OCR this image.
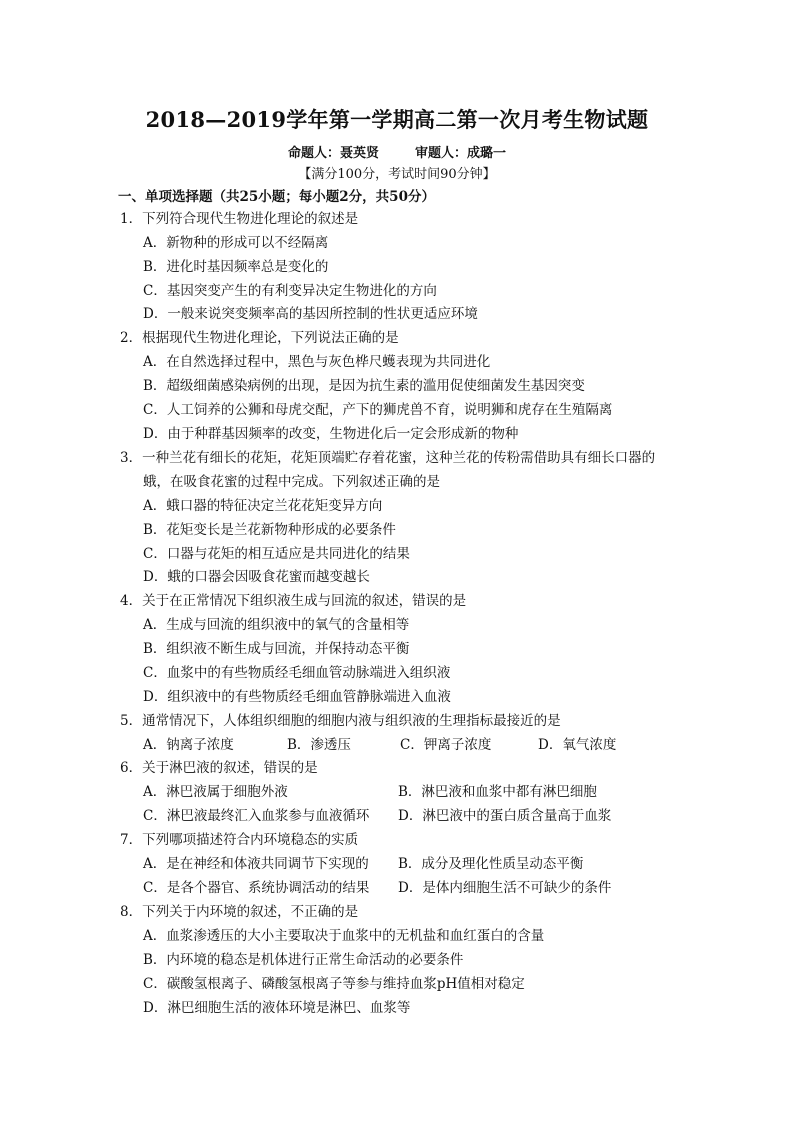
2018—2019学年第一学期高二第一次月考生物试题
命题人：聂英贤	审题人：成璐一
【满分100分，考试时间90分钟】
一、单项选择题（共25小题；每小题2分，共50分）
1．下列符合现代生物进化理论的叙述是
A．新物种的形成可以不经隔离
B．进化时基因频率总是变化的
C．基因突变产生的有利变异决定生物进化的方向
D．一般来说突变频率高的基因所控制的性状更适应环境
2．根据现代生物进化理论，下列说法正确的是
A．在自然选择过程中，黑色与灰色桦尺蠖表现为共同进化
B．超级细菌感染病例的出现，是因为抗生素的滥用促使细菌发生基因突变
C．人工饲养的公狮和母虎交配，产下的狮虎兽不育，说明狮和虎存在生殖隔离
D．由于种群基因频率的改变，生物进化后一定会形成新的物种
3．一种兰花有细长的花矩，花矩顶端贮存着花蜜，这种兰花的传粉需借助具有细长口器的
蛾，在吸食花蜜的过程中完成。下列叙述正确的是
A．蛾口器的特征决定兰花花矩变异方向
B．花矩变长是兰花新物种形成的必要条件
C．口器与花矩的相互适应是共同进化的结果
D．蛾的口器会因吸食花蜜而越变越长
4．关于在正常情况下组织液生成与回流的叙述，错误的是
A．生成与回流的组织液中的氧气的含量相等
B．组织液不断生成与回流，并保持动态平衡
C．血浆中的有些物质经毛细血管动脉端进入组织液
D．组织液中的有些物质经毛细血管静脉端进入血液
5．通常情况下，人体组织细胞的细胞内液与组织液的生理指标最接近的是
A．钠离子浓度	B．渗透压	C．钾离子浓度	D．氧气浓度
6．关于淋巴液的叙述，错误的是
A．淋巴液属于细胞外液	B．淋巴液和血浆中都有淋巴细胞
C．淋巴液最终汇入血浆参与血液循环 D．淋巴液中的蛋白质含量高于血浆
7．下列哪项描述符合内环境稳态的实质
A．是在神经和体液共同调节下实现的 B．成分及理化性质呈动态平衡
C．是各个器官、系统协调活动的结果 D．是体内细胞生活不可缺少的条件
8．下列关于内环境的叙述，不正确的是
A．血浆渗透压的大小主要取决于血浆中的无机盐和血红蛋白的含量
B．内环境的稳态是机体进行正常生命活动的必要条件
C．碳酸氢根离子、磷酸氢根离子等参与维持血浆pH值相对稳定
D．淋巴细胞生活的液体环境是淋巴、血浆等
